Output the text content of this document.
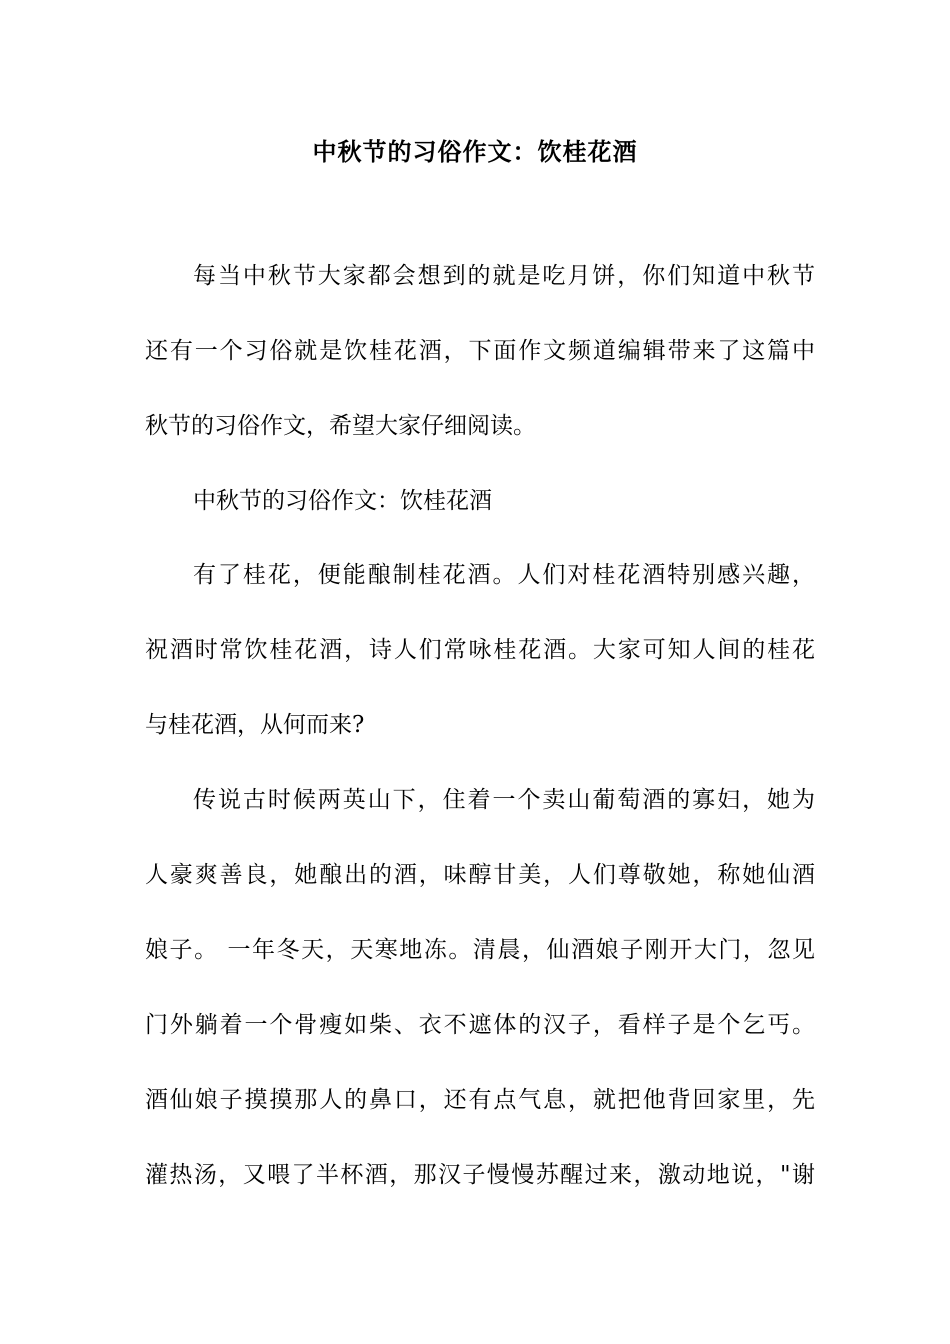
中秋节的习俗作文：饮桂花酒
每当中秋节大家都会想到的就是吃月饼，你们知道中秋节
还有一个习俗就是饮桂花酒，下面作文频道编辑带来了这篇中
秋节的习俗作文，希望大家仔细阅读。
中秋节的习俗作文：饮桂花酒
有了桂花，便能酿制桂花酒。人们对桂花酒特别感兴趣，
祝酒时常饮桂花酒，诗人们常咏桂花酒。大家可知人间的桂花
与桂花酒，从何而来?
传说古时候两英山下，住着一个卖山葡萄酒的寡妇，她为
人豪爽善良，她酿出的酒，味醇甘美，人们尊敬她，称她仙酒
娘子。 一年冬天，天寒地冻。清晨，仙酒娘子刚开大门，忽见
门外躺着一个骨瘦如柴、衣不遮体的汉子，看样子是个乞丐。
酒仙娘子摸摸那人的鼻口，还有点气息，就把他背回家里，先
灌热汤，又喂了半杯酒，那汉子慢慢苏醒过来，激动地说，"谢
